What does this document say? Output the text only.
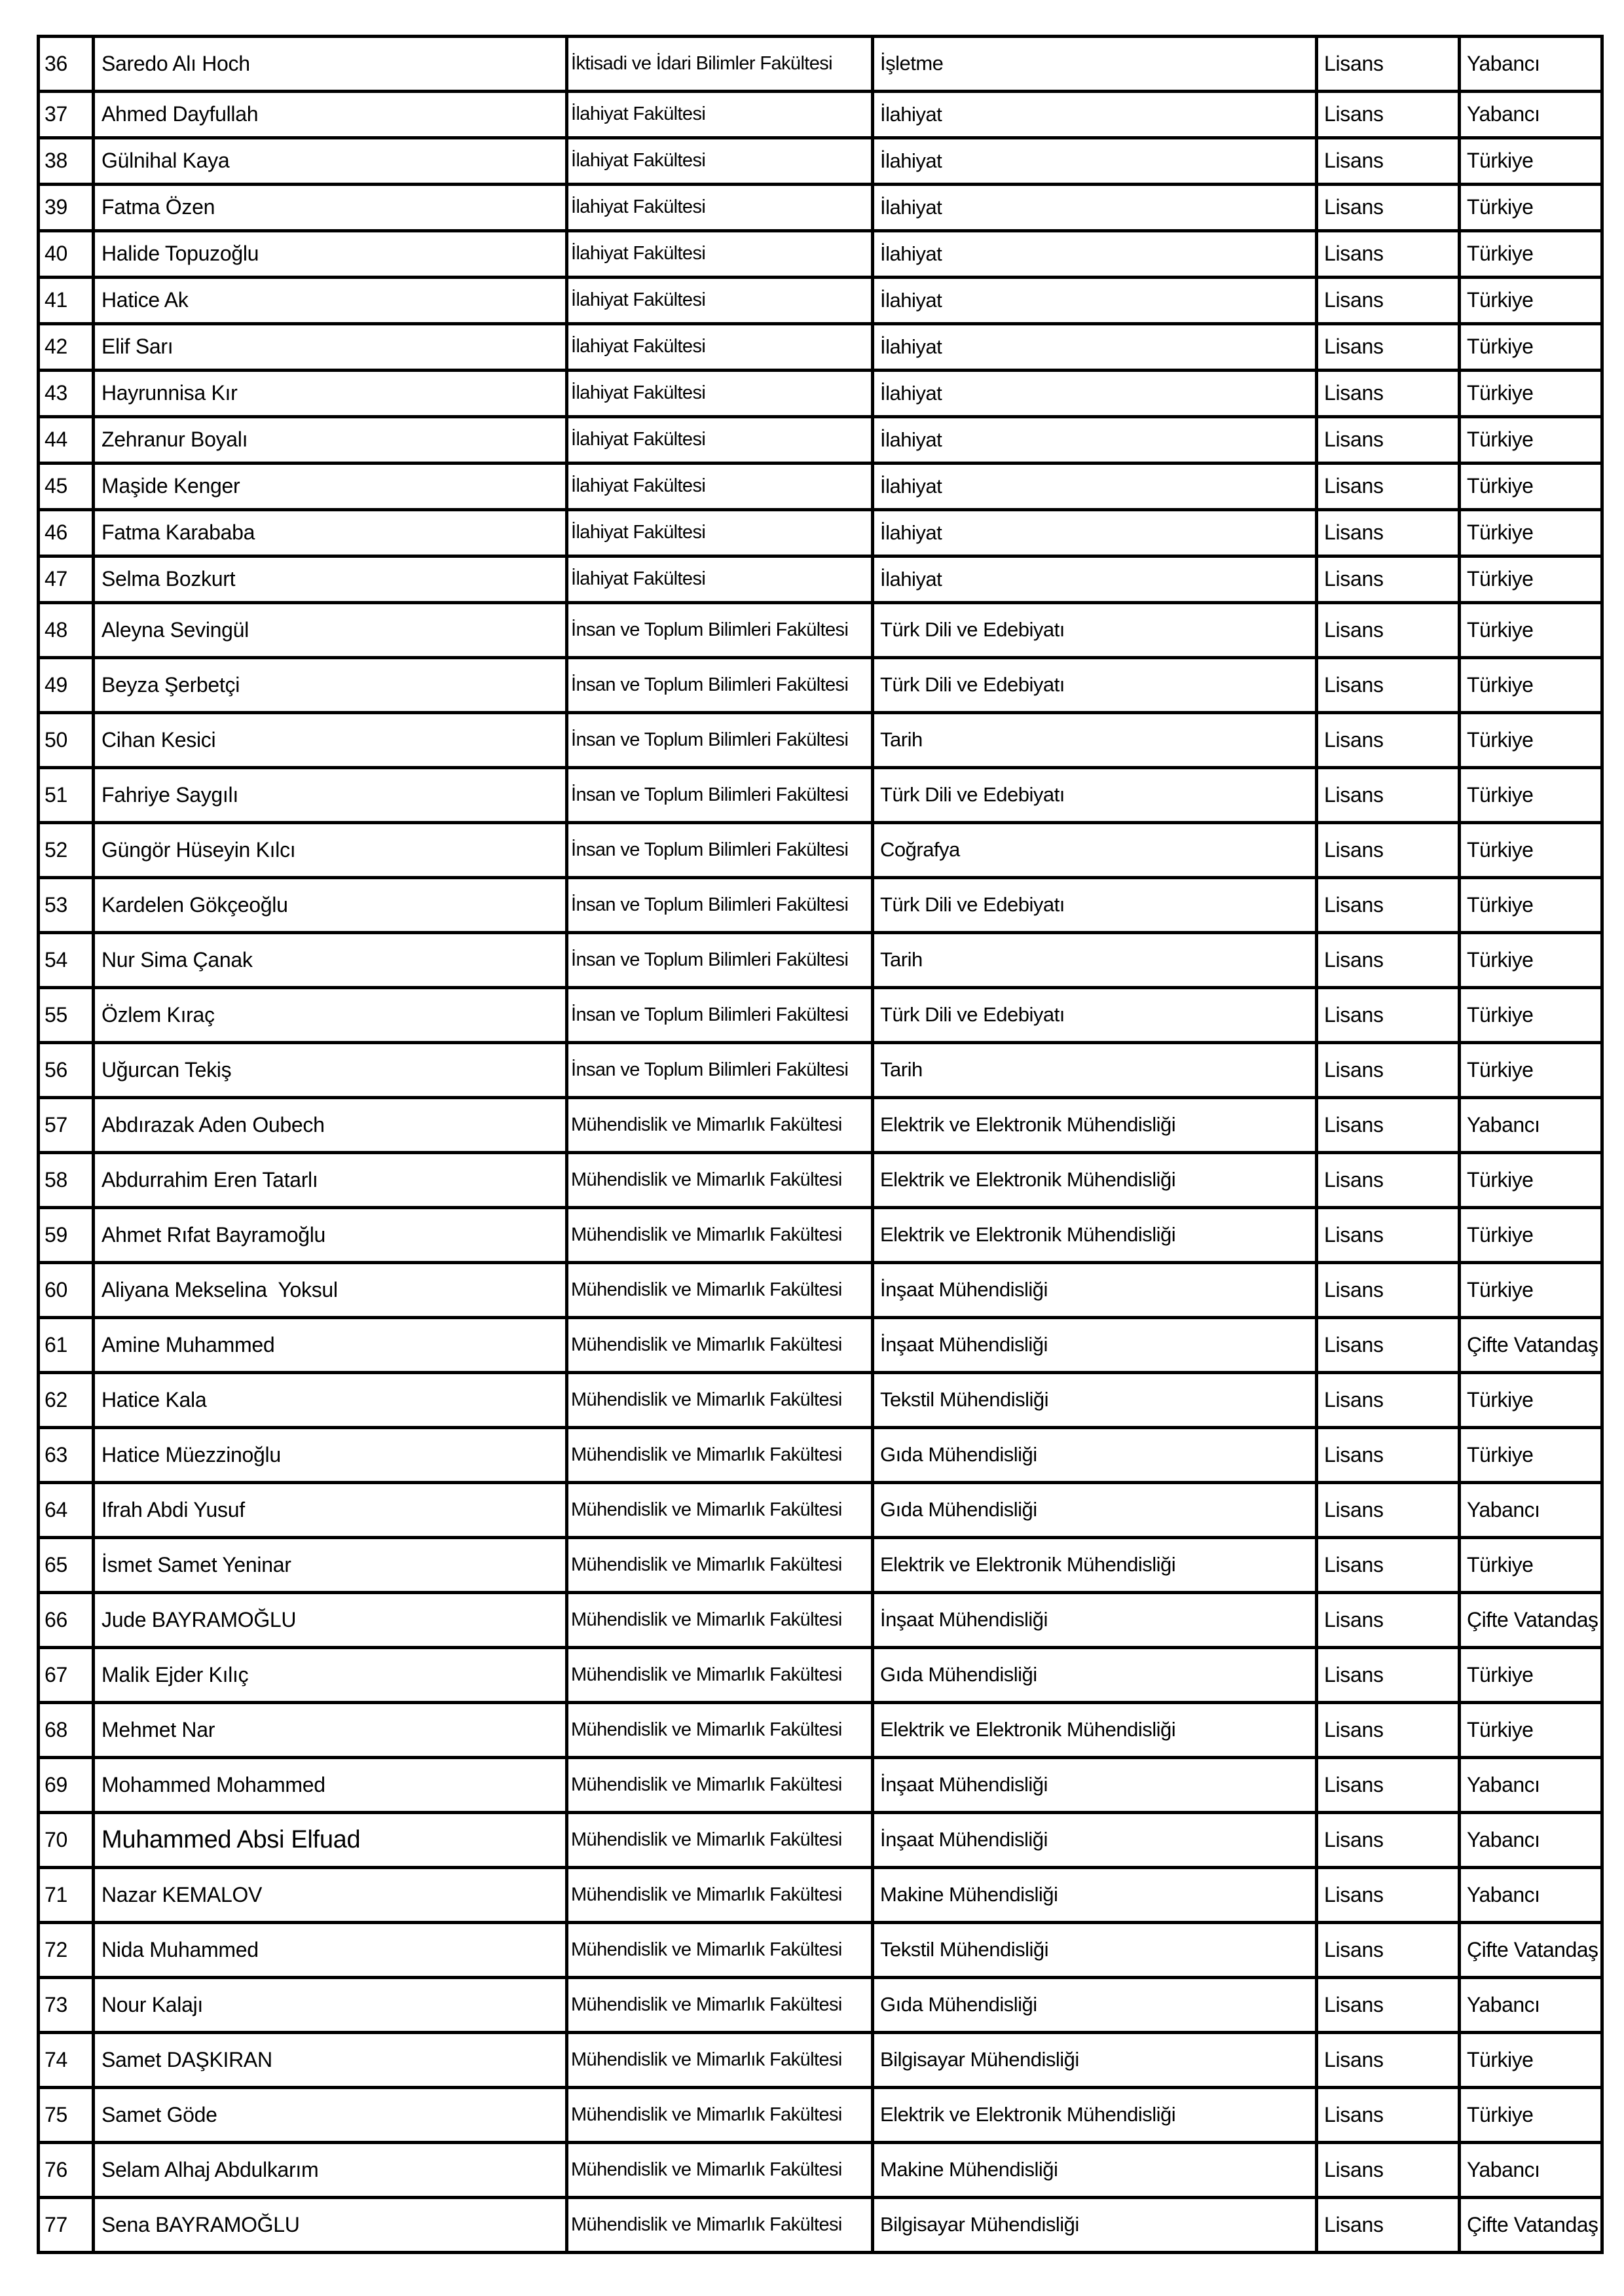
36	Saredo Alı Hoch	İktisadi ve İdari Bilimler Fakültesi	İşletme	Lisans	Yabancı
37	Ahmed Dayfullah	İlahiyat Fakültesi	İlahiyat	Lisans	Yabancı
38	Gülnihal Kaya	İlahiyat Fakültesi	İlahiyat	Lisans	Türkiye
39	Fatma Özen	İlahiyat Fakültesi	İlahiyat	Lisans	Türkiye
40	Halide Topuzoğlu	İlahiyat Fakültesi	İlahiyat	Lisans	Türkiye
41	Hatice Ak	İlahiyat Fakültesi	İlahiyat	Lisans	Türkiye
42	Elif Sarı	İlahiyat Fakültesi	İlahiyat	Lisans	Türkiye
43	Hayrunnisa Kır	İlahiyat Fakültesi	İlahiyat	Lisans	Türkiye
44	Zehranur Boyalı	İlahiyat Fakültesi	İlahiyat	Lisans	Türkiye
45	Maşide Kenger	İlahiyat Fakültesi	İlahiyat	Lisans	Türkiye
46	Fatma Karababa	İlahiyat Fakültesi	İlahiyat	Lisans	Türkiye
47	Selma Bozkurt	İlahiyat Fakültesi	İlahiyat	Lisans	Türkiye
48	Aleyna Sevingül	İnsan ve Toplum Bilimleri Fakültesi	Türk Dili ve Edebiyatı	Lisans	Türkiye
49	Beyza Şerbetçi	İnsan ve Toplum Bilimleri Fakültesi	Türk Dili ve Edebiyatı	Lisans	Türkiye
50	Cihan Kesici	İnsan ve Toplum Bilimleri Fakültesi	Tarih	Lisans	Türkiye
51	Fahriye Saygılı	İnsan ve Toplum Bilimleri Fakültesi	Türk Dili ve Edebiyatı	Lisans	Türkiye
52	Güngör Hüseyin Kılcı	İnsan ve Toplum Bilimleri Fakültesi	Coğrafya	Lisans	Türkiye
53	Kardelen Gökçeoğlu	İnsan ve Toplum Bilimleri Fakültesi	Türk Dili ve Edebiyatı	Lisans	Türkiye
54	Nur Sima Çanak	İnsan ve Toplum Bilimleri Fakültesi	Tarih	Lisans	Türkiye
55	Özlem Kıraç	İnsan ve Toplum Bilimleri Fakültesi	Türk Dili ve Edebiyatı	Lisans	Türkiye
56	Uğurcan Tekiş	İnsan ve Toplum Bilimleri Fakültesi	Tarih	Lisans	Türkiye
57	Abdırazak Aden Oubech	Mühendislik ve Mimarlık Fakültesi	Elektrik ve Elektronik Mühendisliği	Lisans	Yabancı
58	Abdurrahim Eren Tatarlı	Mühendislik ve Mimarlık Fakültesi	Elektrik ve Elektronik Mühendisliği	Lisans	Türkiye
59	Ahmet Rıfat Bayramoğlu	Mühendislik ve Mimarlık Fakültesi	Elektrik ve Elektronik Mühendisliği	Lisans	Türkiye
60	Aliyana Mekselina  Yoksul	Mühendislik ve Mimarlık Fakültesi	İnşaat Mühendisliği	Lisans	Türkiye
61	Amine Muhammed	Mühendislik ve Mimarlık Fakültesi	İnşaat Mühendisliği	Lisans	Çifte Vatandaş
62	Hatice Kala	Mühendislik ve Mimarlık Fakültesi	Tekstil Mühendisliği	Lisans	Türkiye
63	Hatice Müezzinoğlu	Mühendislik ve Mimarlık Fakültesi	Gıda Mühendisliği	Lisans	Türkiye
64	Ifrah Abdi Yusuf	Mühendislik ve Mimarlık Fakültesi	Gıda Mühendisliği	Lisans	Yabancı
65	İsmet Samet Yeninar	Mühendislik ve Mimarlık Fakültesi	Elektrik ve Elektronik Mühendisliği	Lisans	Türkiye
66	Jude BAYRAMOĞLU	Mühendislik ve Mimarlık Fakültesi	İnşaat Mühendisliği	Lisans	Çifte Vatandaş
67	Malik Ejder Kılıç	Mühendislik ve Mimarlık Fakültesi	Gıda Mühendisliği	Lisans	Türkiye
68	Mehmet Nar	Mühendislik ve Mimarlık Fakültesi	Elektrik ve Elektronik Mühendisliği	Lisans	Türkiye
69	Mohammed Mohammed	Mühendislik ve Mimarlık Fakültesi	İnşaat Mühendisliği	Lisans	Yabancı
70	Muhammed Absi Elfuad	Mühendislik ve Mimarlık Fakültesi	İnşaat Mühendisliği	Lisans	Yabancı
71	Nazar KEMALOV	Mühendislik ve Mimarlık Fakültesi	Makine Mühendisliği	Lisans	Yabancı
72	Nida Muhammed	Mühendislik ve Mimarlık Fakültesi	Tekstil Mühendisliği	Lisans	Çifte Vatandaş
73	Nour Kalajı	Mühendislik ve Mimarlık Fakültesi	Gıda Mühendisliği	Lisans	Yabancı
74	Samet DAŞKIRAN	Mühendislik ve Mimarlık Fakültesi	Bilgisayar Mühendisliği	Lisans	Türkiye
75	Samet Göde	Mühendislik ve Mimarlık Fakültesi	Elektrik ve Elektronik Mühendisliği	Lisans	Türkiye
76	Selam Alhaj Abdulkarım	Mühendislik ve Mimarlık Fakültesi	Makine Mühendisliği	Lisans	Yabancı
77	Sena BAYRAMOĞLU	Mühendislik ve Mimarlık Fakültesi	Bilgisayar Mühendisliği	Lisans	Çifte Vatandaş
